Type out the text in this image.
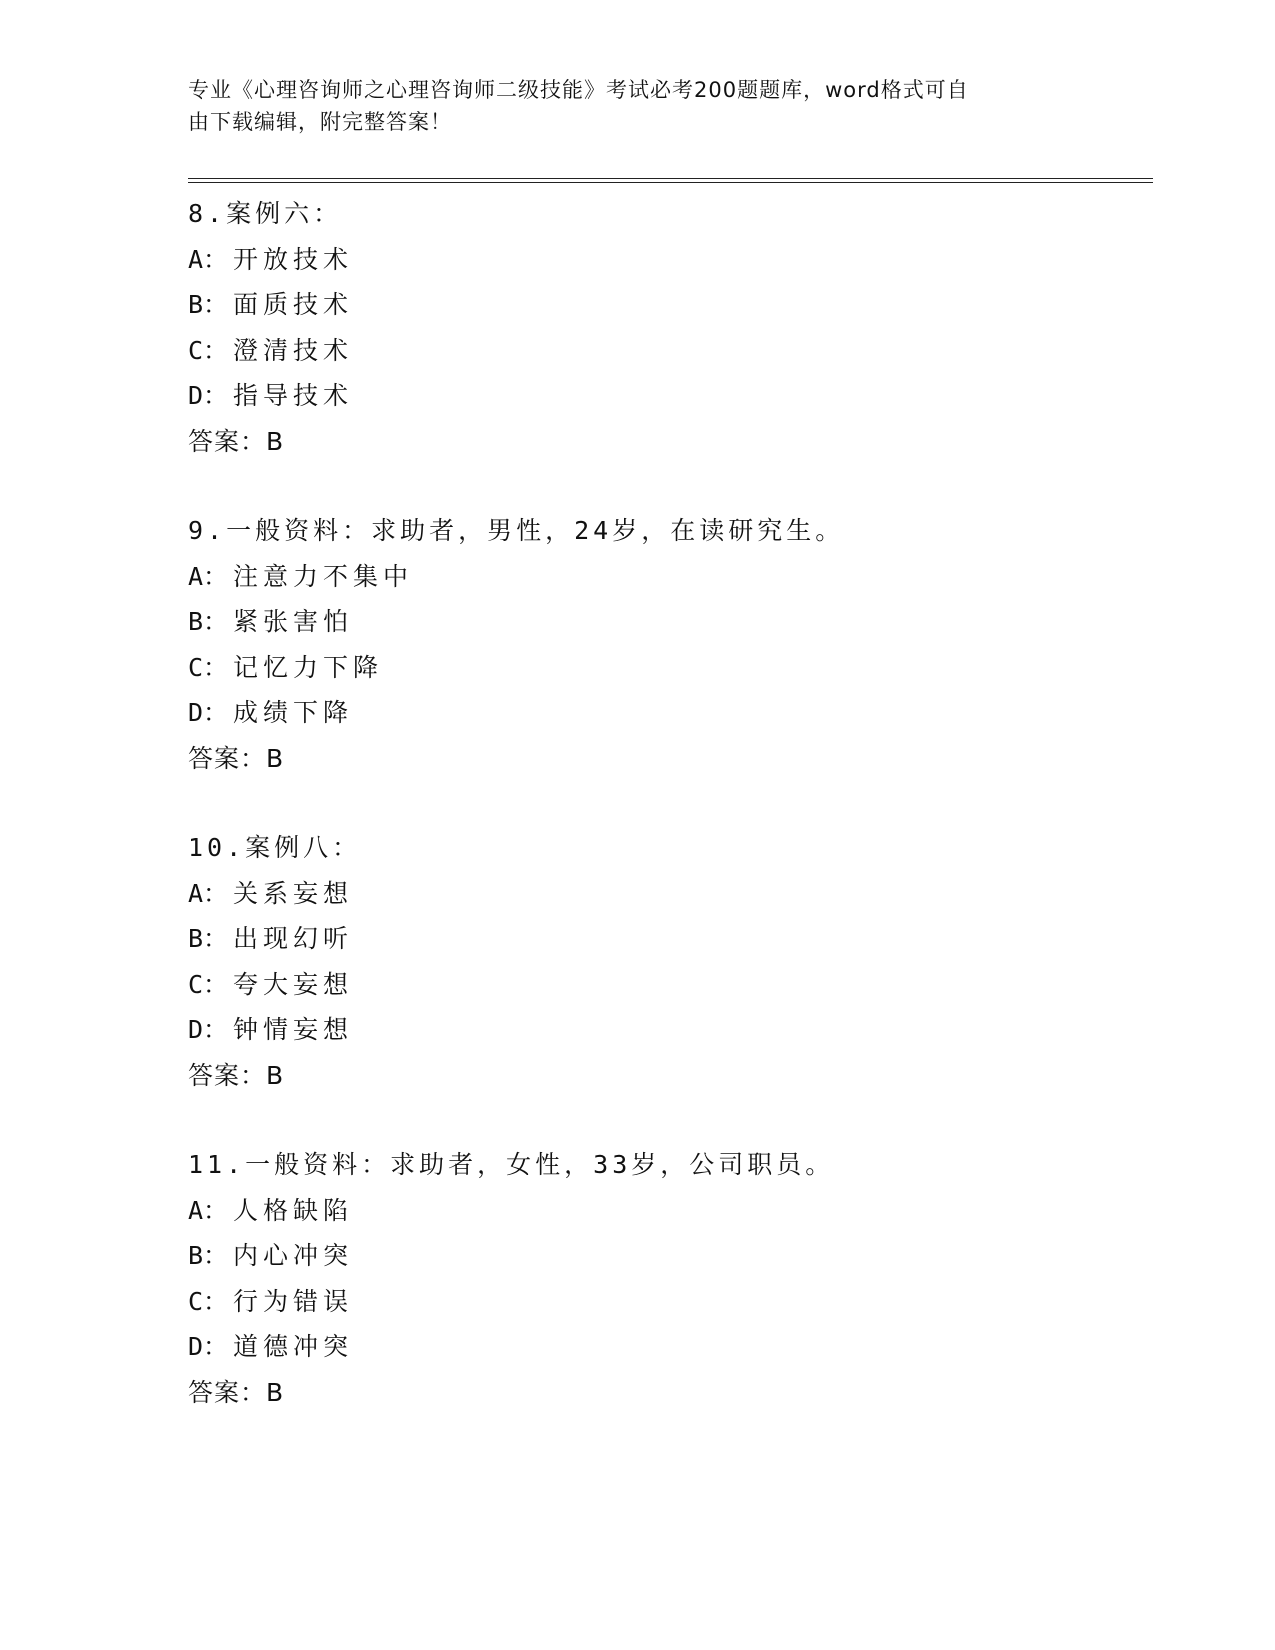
专业《心理咨询师之心理咨询师二级技能》考试必考200题题库，word格式可自
由下载编辑，附完整答案！
8.案例六：
A： 开放技术
B： 面质技术
C： 澄清技术
D： 指导技术
答案：B
9.一般资料：求助者，男性，24岁，在读研究生。
A： 注意力不集中
B： 紧张害怕
C： 记忆力下降
D： 成绩下降
答案：B
10.案例八：
A： 关系妄想
B： 出现幻听
C： 夸大妄想
D： 钟情妄想
答案：B
11.一般资料：求助者，女性，33岁，公司职员。
A： 人格缺陷
B： 内心冲突
C： 行为错误
D： 道德冲突
答案：B
